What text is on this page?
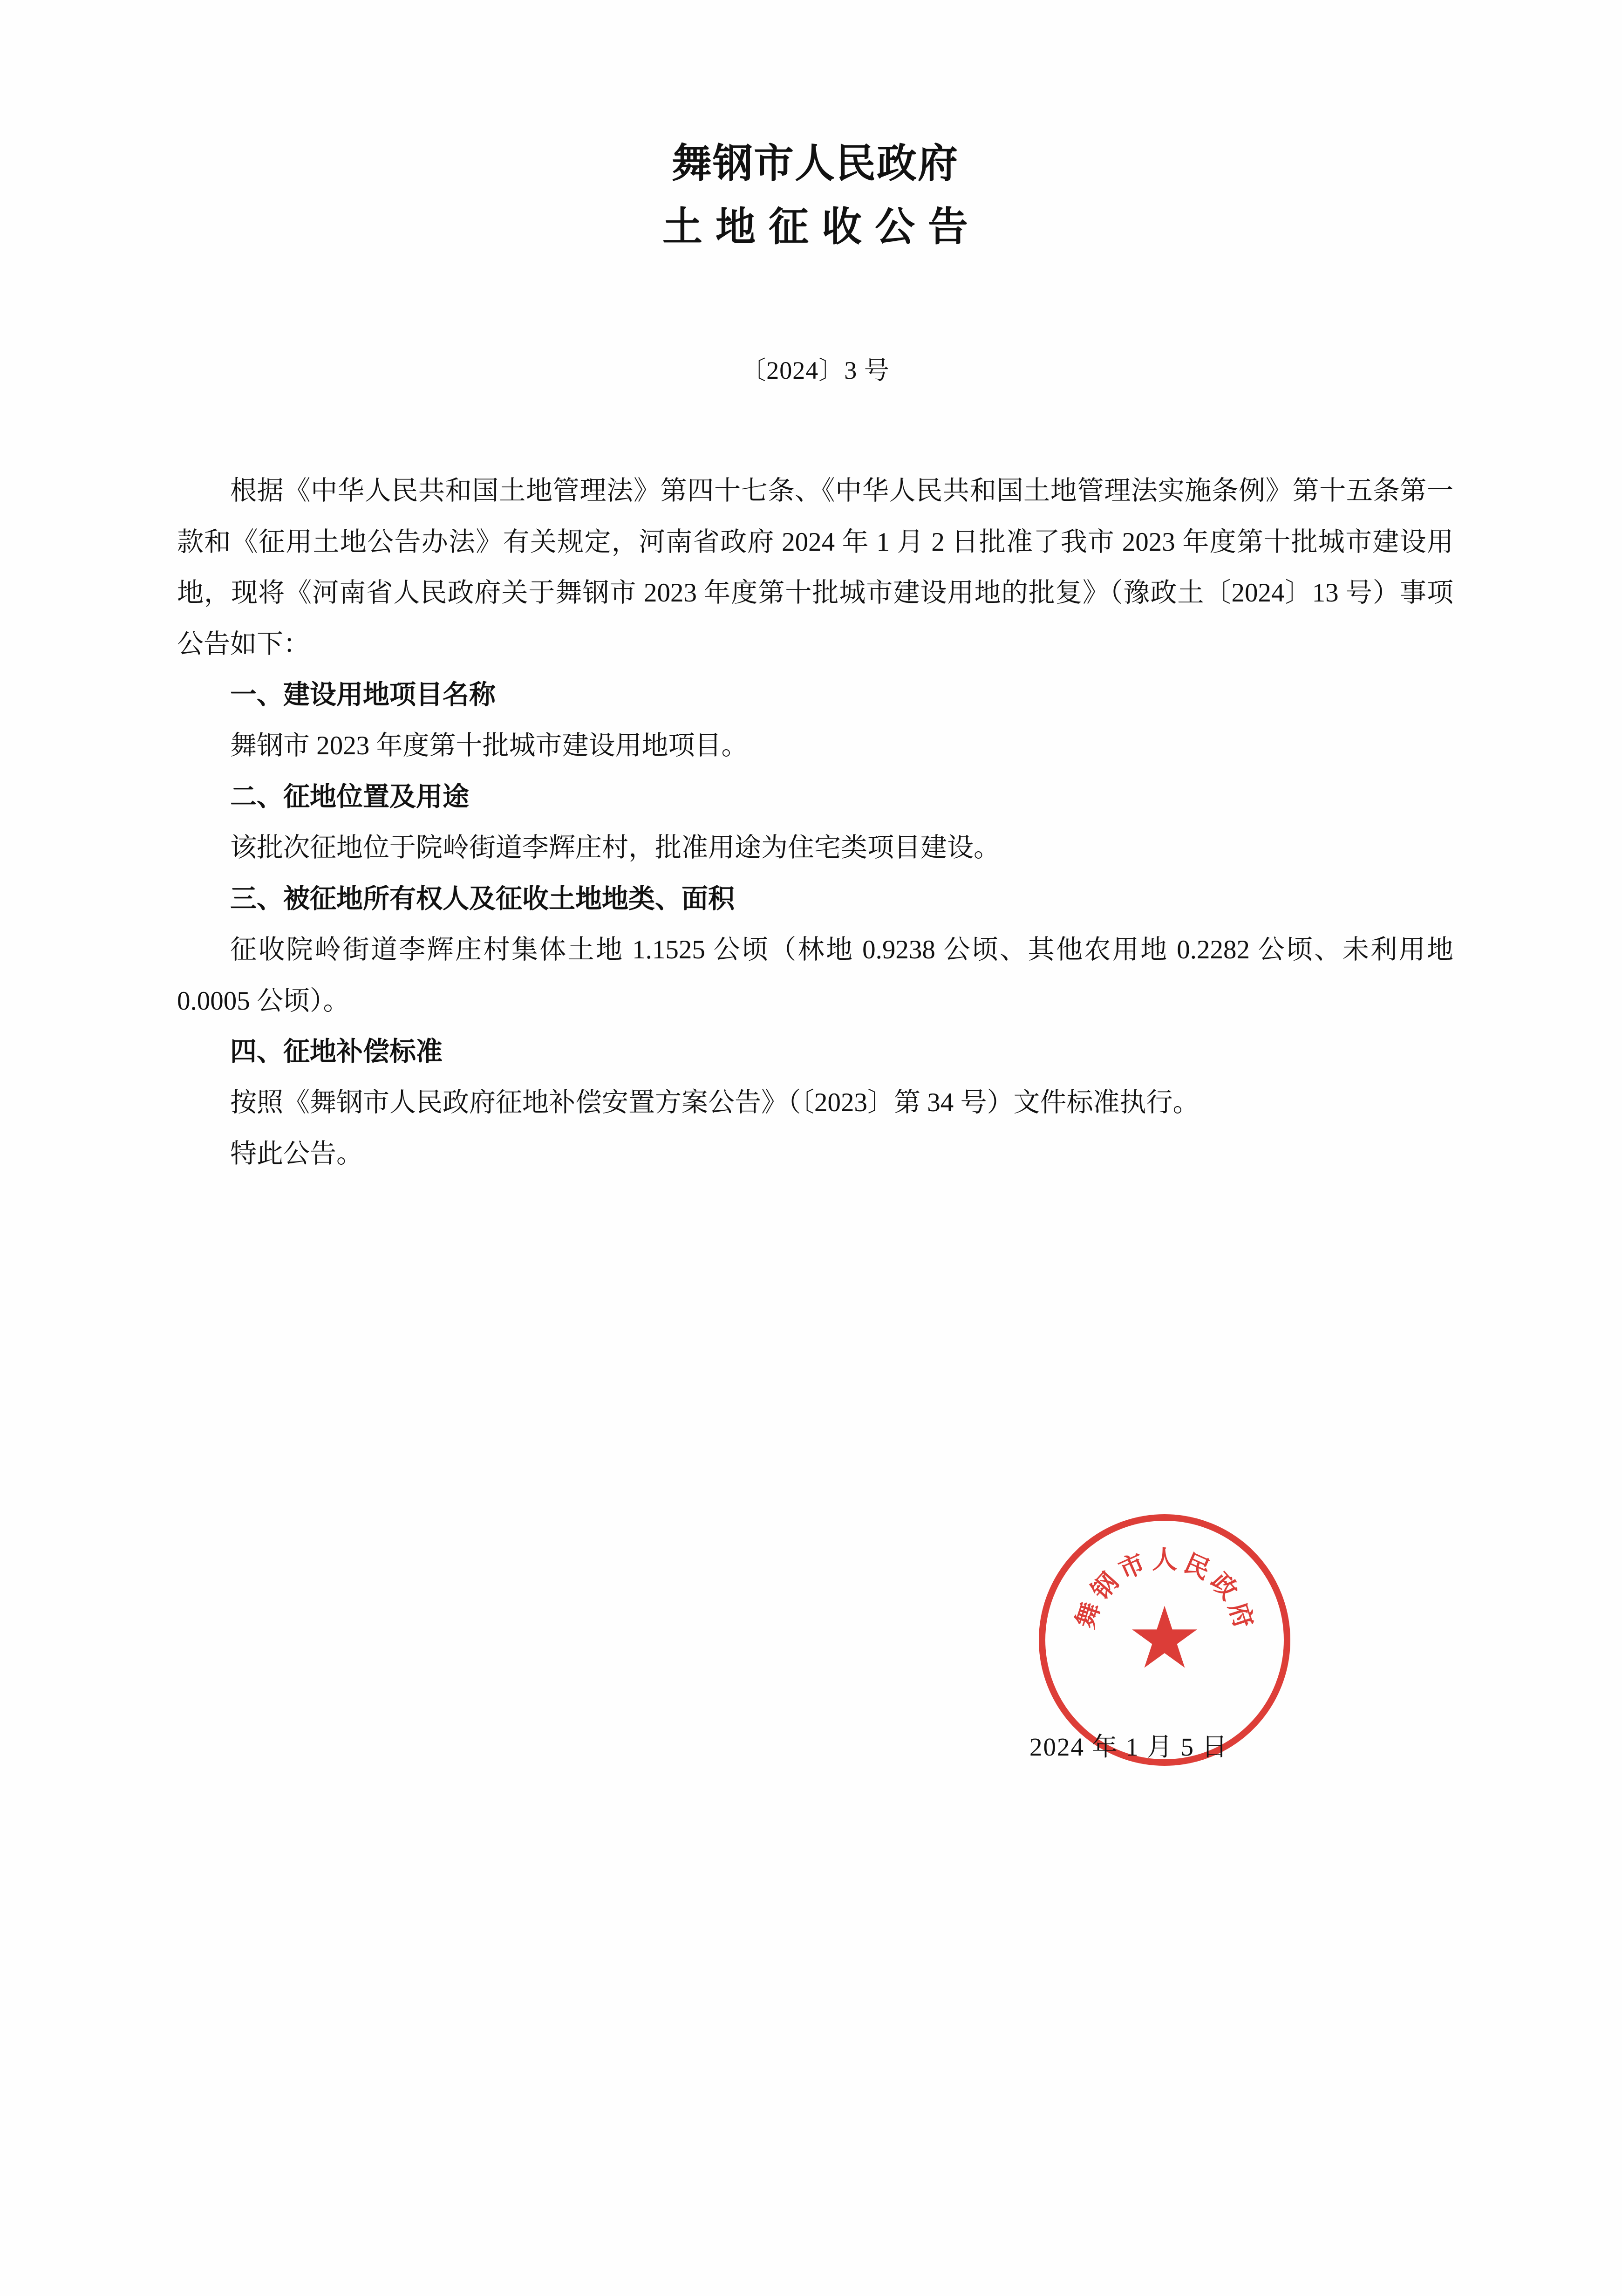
舞钢市人民政府
土地征收公告

〔2024〕3 号

根据《中华人民共和国土地管理法》第四十七条、《中华人民共和国土地管理法实施条例》第十五条第一款和《征用土地公告办法》有关规定，河南省政府 2024 年 1 月 2 日批准了我市 2023 年度第十批城市建设用地，现将《河南省人民政府关于舞钢市 2023 年度第十批城市建设用地的批复》（豫政土〔2024〕13 号）事项公告如下：

一、建设用地项目名称

舞钢市 2023 年度第十批城市建设用地项目。

二、征地位置及用途

该批次征地位于院岭街道李辉庄村，批准用途为住宅类项目建设。

三、被征地所有权人及征收土地地类、面积

征收院岭街道李辉庄村集体土地 1.1525 公顷（林地 0.9238 公顷、其他农用地 0.2282 公顷、未利用地 0.0005 公顷）。

四、征地补偿标准

按照《舞钢市人民政府征地补偿安置方案公告》（〔2023〕第 34 号）文件标准执行。

特此公告。

舞
钢
市 人 民
政
府
★
2024 年 1 月 5 日
